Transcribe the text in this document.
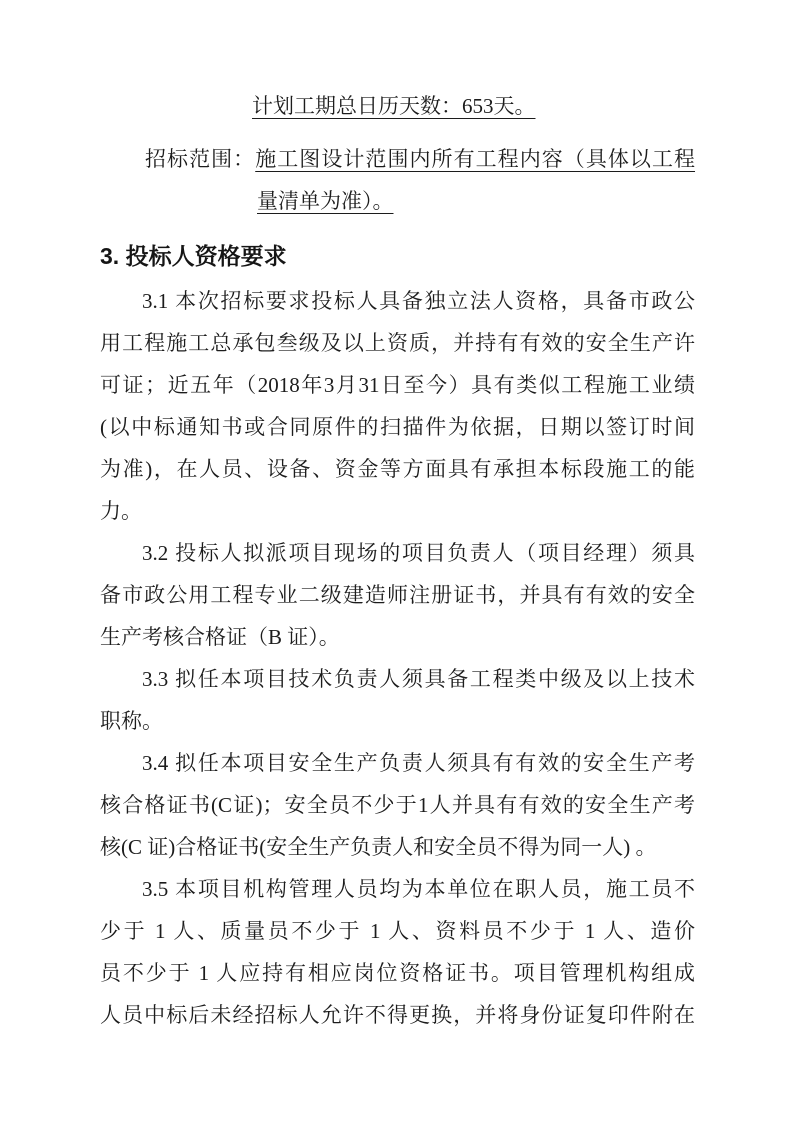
计划工期总日历天数：653天。
招标范围：施工图设计范围内所有工程内容（具体以工程
量清单为准）。
3. 投标人资格要求
3.1 本次招标要求投标人具备独立法人资格，具备市政公
用工程施工总承包叁级及以上资质，并持有有效的安全生产许
可证；近五年（2018年3月31日至今）具有类似工程施工业绩
(以中标通知书或合同原件的扫描件为依据，日期以签订时间
为准)，在人员、设备、资金等方面具有承担本标段施工的能
力。
3.2 投标人拟派项目现场的项目负责人（项目经理）须具
备市政公用工程专业二级建造师注册证书，并具有有效的安全
生产考核合格证（B 证）。
3.3 拟任本项目技术负责人须具备工程类中级及以上技术
职称。
3.4 拟任本项目安全生产负责人须具有有效的安全生产考
核合格证书(C证)；安全员不少于1人并具有有效的安全生产考
核(C 证)合格证书(安全生产负责人和安全员不得为同一人) 。
3.5 本项目机构管理人员均为本单位在职人员，施工员不
少于 1 人、质量员不少于 1 人、资料员不少于 1 人、造价
员不少于 1 人应持有相应岗位资格证书。项目管理机构组成
人员中标后未经招标人允许不得更换，并将身份证复印件附在
